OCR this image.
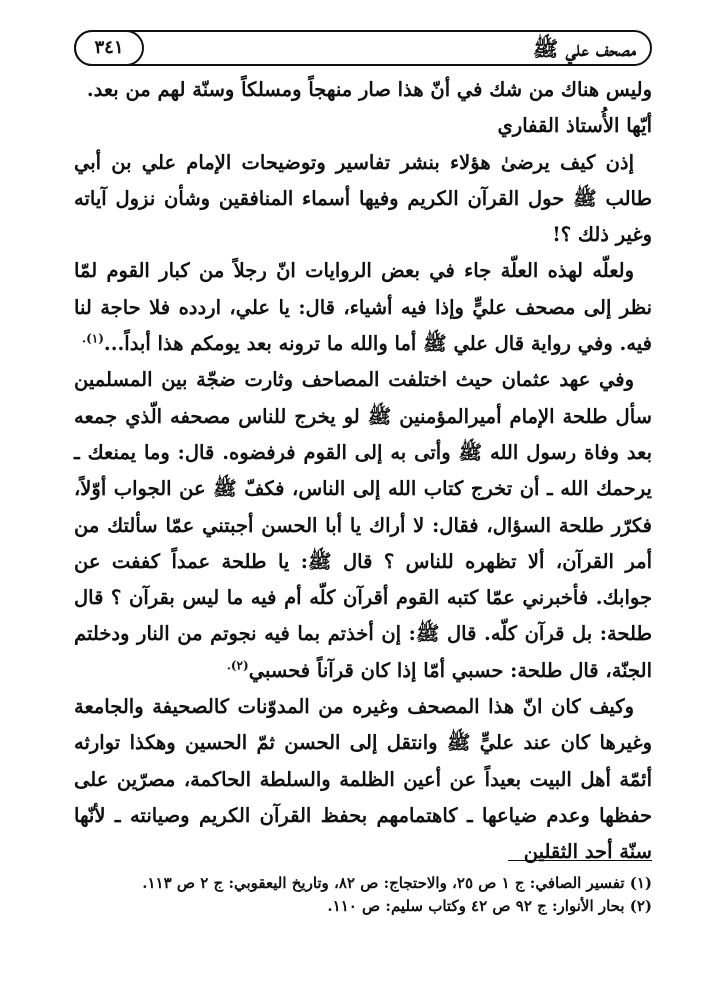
مصحف علي ﷺ
٣٤١

وليس هناك من شك في أنّ هذا صار منهجاً ومسلكاً وسنّة لهم من بعد.

أيّها الأُستاذ القفاري

إذن كيف يرضىٰ هؤلاء بنشر تفاسير وتوضيحات الإمام علي بن أبي طالب ﷺ حول القرآن الكريم وفيها أسماء المنافقين وشأن نزول آياته وغير ذلك ؟!

ولعلّه لهذه العلّة جاء في بعض الروايات انّ رجلاً من كبار القوم لمّا نظر إلى مصحف عليٍّ وإذا فيه أشياء، قال: يا علي، اردده فلا حاجة لنا فيه. وفي رواية قال علي ﷺ أما والله ما ترونه بعد يومكم هذا أبداً...$^{(١).}$

وفي عهد عثمان حيث اختلفت المصاحف وثارت ضجّة بين المسلمين سأل طلحة الإمام أميرالمؤمنين ﷺ لو يخرج للناس مصحفه الّذي جمعه بعد وفاة رسول الله ﷺ وأتى به إلى القوم فرفضوه. قال: وما يمنعك ـ يرحمك الله ـ أن تخرج كتاب الله إلى الناس، فكفّ ﷺ عن الجواب أوّلاً، فكرّر طلحة السؤال، فقال: لا أراك يا أبا الحسن أجبتني عمّا سألتك من أمر القرآن، ألا تظهره للناس ؟ قال ﷺ: يا طلحة عمداً كففت عن جوابك. فأخبرني عمّا كتبه القوم أقرآن كلّه أم فيه ما ليس بقرآن ؟ قال طلحة: بل قرآن كلّه. قال ﷺ: إن أخذتم بما فيه نجوتم من النار ودخلتم الجنّة، قال طلحة: حسبي أمّا إذا كان قرآناً فحسبي$^{(٢).}$

وكيف كان انّ هذا المصحف وغيره من المدوّنات كالصحيفة والجامعة وغيرها كان عند عليٍّ ﷺ وانتقل إلى الحسن ثمّ الحسين وهكذا توارثه أئمّة أهل البيت بعيداً عن أعين الظلمة والسلطة الحاكمة، مصرّين على حفظها وعدم ضياعها ـ كاهتمامهم بحفظ القرآن الكريم وصيانته ـ لأنّها سنّة أحد الثقلين

(١) تفسير الصافي: ج ١ ص ٢٥، والاحتجاج: ص ٨٢، وتاريخ اليعقوبي: ج ٢ ص ١١٣.

(٢) بحار الأنوار: ج ٩٢ ص ٤٢ وكتاب سليم: ص ١١٠.
